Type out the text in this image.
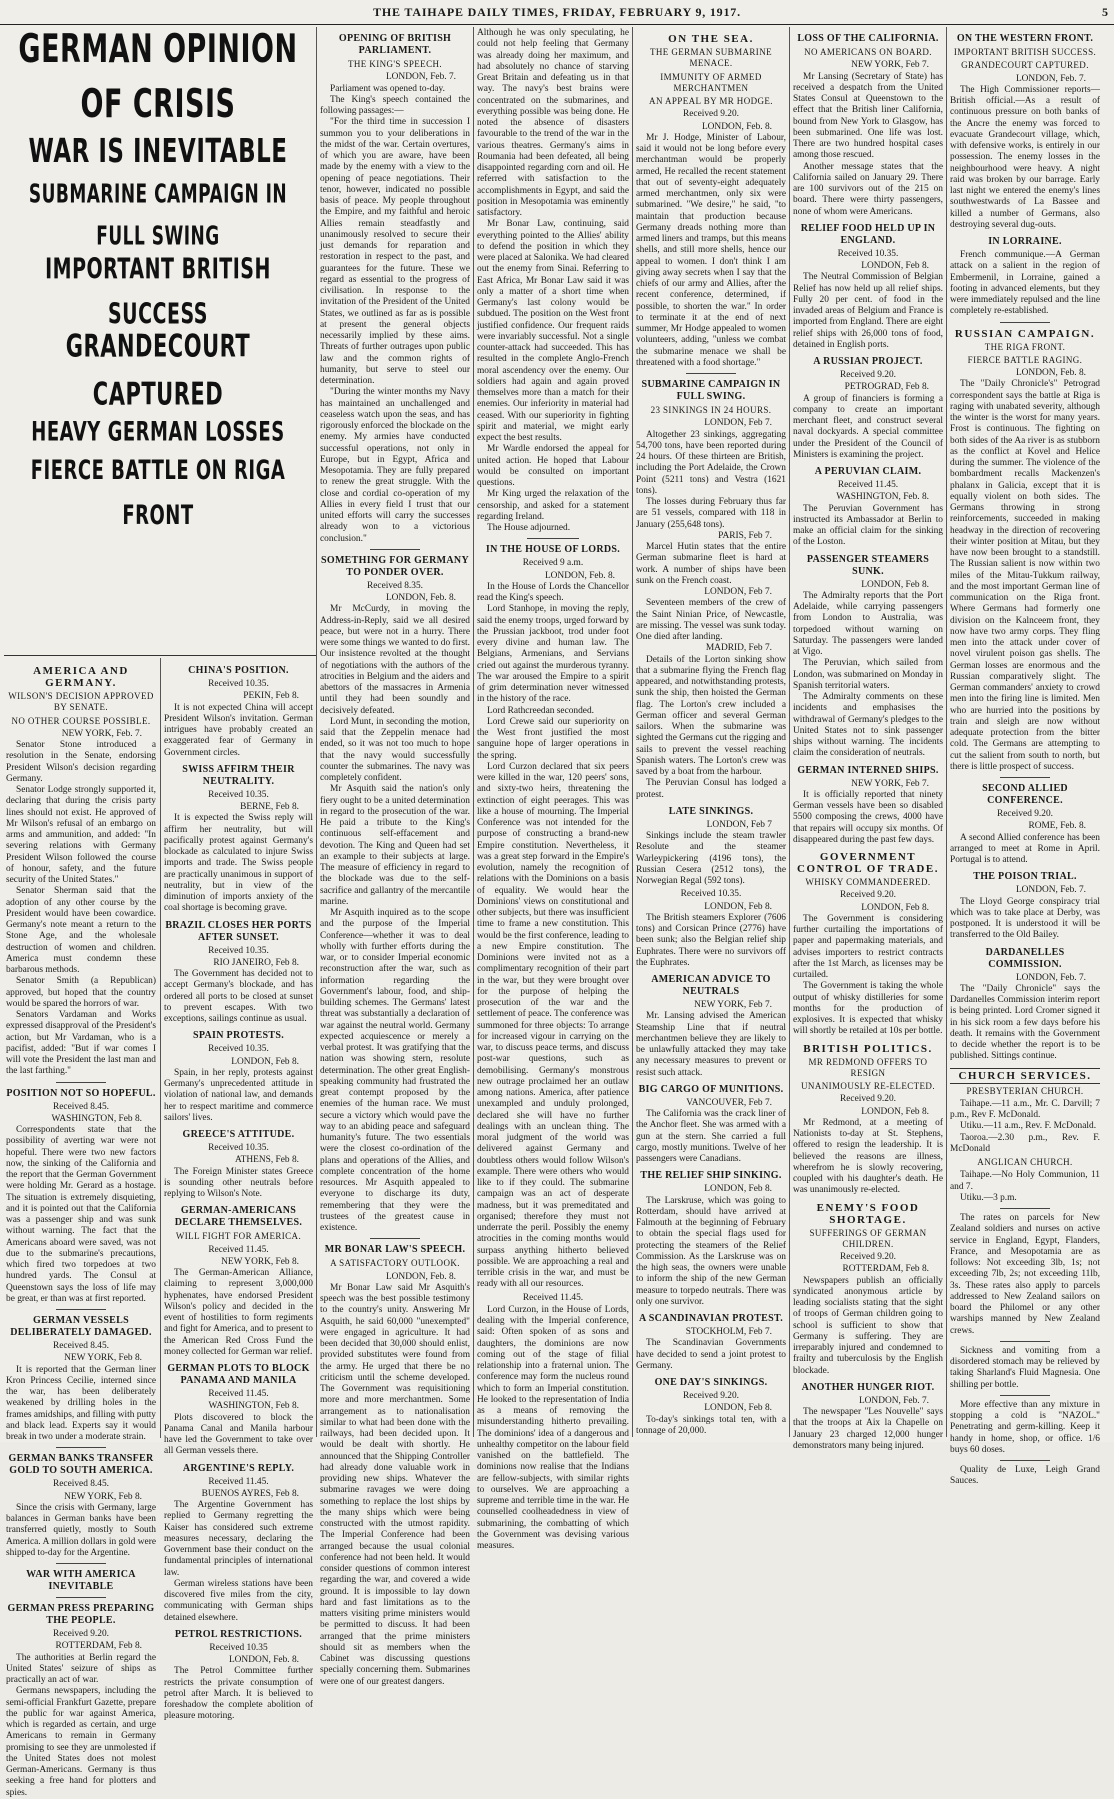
THE TAIHAPE DAILY TIMES, FRIDAY, FEBRUARY 9, 1917.	5

GERMAN OPINION OF CRISIS

WAR IS INEVITABLE

SUBMARINE CAMPAIGN IN FULL SWING

IMPORTANT BRITISH SUCCESS

GRANDECOURT CAPTURED

HEAVY GERMAN LOSSES

FIERCE BATTLE ON RIGA FRONT

AMERICA AND GERMANY.
WILSON'S DECISION APPROVED BY SENATE.
NO OTHER COURSE POSSIBLE.
NEW YORK, Feb. 7.

Senator Stone introduced a resolution in the Senate, endorsing President Wilson's decision regarding Germany.

Senator Lodge strongly supported it, declaring that during the crisis party lines should not exist. He approved of Mr Wilson's refusal of an embargo on arms and ammunition, and added: "In severing relations with Germany President Wilson followed the course of honour, safety, and the future security of the United States."

Senator Sherman said that the adoption of any other course by the President would have been cowardice. Germany's note meant a return to the Stone Age, and the wholesale destruction of women and children. America must condemn these barbarous methods.

Senator Smith (a Republican) approved, but hoped that the country would be spared the horrors of war.

Senators Vardaman and Works expressed disapproval of the President's action, but Mr Vardaman, who is a pacifist, added: "But if war comes I will vote the President the last man and the last farthing."

POSITION NOT SO HOPEFUL.
Received 8.45.
WASHINGTON, Feb 8.

Correspondents state that the possibility of averting war were not hopeful. There were two new factors now, the sinking of the California and the report that the German Government were holding Mr. Gerard as a hostage. The situation is extremely disquieting, and it is pointed out that the California was a passenger ship and was sunk without warning. The fact that the Americans aboard were saved, was not due to the submarine's precautions, which fired two torpedoes at two hundred yards. The Consul at Queenstown says the loss of life may be great, er than was at first reported.

GERMAN VESSELS DELIBERATELY DAMAGED.
Received 8.45.
NEW YORK, Feb 8.

It is reported that the German liner Kron Princess Cecilie, interned since the war, has been deliberately weakened by drilling holes in the frames amidships, and filling with putty and black lead. Experts say it would break in two under a moderate strain.

GERMAN BANKS TRANSFER GOLD TO SOUTH AMERICA.
Received 8.45.
NEW YORK, Feb 8.

Since the crisis with Germany, large balances in German banks have been transferred quietly, mostly to South America. A million dollars in gold were shipped to-day for the Argentine.

WAR WITH AMERICA INEVITABLE
GERMAN PRESS PREPARING THE PEOPLE.
Received 9.20.
ROTTERDAM, Feb 8.

The authorities at Berlin regard the United States' seizure of ships as practically an act of war.

Germans newspapers, including the semi-official Frankfurt Gazette, prepare the public for war against America, which is regarded as certain, and urge Americans to remain in Germany promising to see they are unmolested if the United States does not molest German-Americans. Germany is thus seeking a free hand for plotters and spies.

CHINA'S POSITION.
Received 10.35.
PEKIN, Feb 8.

It is not expected China will accept President Wilson's invitation. German intrigues have probably created an exaggerated fear of Germany in Government circles.

SWISS AFFIRM THEIR NEUTRALITY.
Received 10.35.
BERNE, Feb 8.

It is expected the Swiss reply will affirm her neutrality, but will pacifically protest against Germany's blockade as calculated to injure Swiss imports and trade. The Swiss people are practically unanimous in support of neutrality, but in view of the diminution of imports anxiety of the coal shortage is becoming grave.

BRAZIL CLOSES HER PORTS AFTER SUNSET.
Received 10.35.
RIO JANEIRO, Feb 8.

The Government has decided not to accept Germany's blockade, and has ordered all ports to be closed at sunset to prevent escapes. With two exceptions, sailings continue as usual.

SPAIN PROTESTS.
Received 10.35.
LONDON, Feb 8.

Spain, in her reply, protests against Germany's unprecedented attitude in violation of national law, and demands her to respect maritime and commerce sailors' lives.

GREECE'S ATTITUDE.
Received 10.35.
ATHENS, Feb 8.

The Foreign Minister states Greece is sounding other neutrals before replying to Wilson's Note.

GERMAN-AMERICANS DECLARE THEMSELVES.
WILL FIGHT FOR AMERICA.
Received 11.45.
NEW YORK, Feb 8.

The German-American Alliance, claiming to represent 3,000,000 hyphenates, have endorsed President Wilson's policy and decided in the event of hostilities to form regiments and fight for America, and to present to the American Red Cross Fund the money collected for German war relief.

GERMAN PLOTS TO BLOCK PANAMA AND MANILA
Received 11.45.
WASHINGTON, Feb 8.

Plots discovered to block the Panama Canal and Manila harbour have led the Government to take over all German vessels there.

ARGENTINE'S REPLY.
Received 11.45.
BUENOS AYRES, Feb 8.

The Argentine Government has replied to Germany regretting the Kaiser has considered such extreme measures necessary, declaring the Government base their conduct on the fundamental principles of international law.

German wireless stations have been discovered five miles from the city, communicating with German ships detained elsewhere.

PETROL RESTRICTIONS.
Received 10.35
LONDON, Feb. 8.

The Petrol Committee further restricts the private consumption of petrol after March. It is believed to foreshadow the complete abolition of pleasure motoring.

OPENING OF BRITISH PARLIAMENT.
THE KING'S SPEECH.
LONDON, Feb. 7.

Parliament was opened to-day.

The King's speech contained the following passages:—

"For the third time in succession I summon you to your deliberations in the midst of the war. Certain overtures, of which you are aware, have been made by the enemy with a view to the opening of peace negotiations. Their tenor, however, indicated no possible basis of peace. My people throughout the Empire, and my faithful and heroic Allies remain steadfastly and unanimously resolved to secure their just demands for reparation and restoration in respect to the past, and guarantees for the future. These we regard as essential to the progress of civilisation. In response to the invitation of the President of the United States, we outlined as far as is possible at present the general objects necessarily implied by these aims. Threats of further outrages upon public law and the common rights of humanity, but serve to steel our determination.

"During the winter months my Navy has maintained an unchallenged and ceaseless watch upon the seas, and has rigorously enforced the blockade on the enemy. My armies have conducted successful operations, not only in Europe, but in Egypt, Africa and Mesopotamia. They are fully prepared to renew the great struggle. With the close and cordial co-operation of my Allies in every field I trust that our united efforts will carry the successes already won to a victorious conclusion."

SOMETHING FOR GERMANY TO PONDER OVER.
Received 8.35.
LONDON, Feb. 8.

Mr McCurdy, in moving the Address-in-Reply, said we all desired peace, but were not in a hurry. There were some things we wanted to do first. Our insistence revolted at the thought of negotiations with the authors of the atrocities in Belgium and the aiders and abettors of the massacres in Armenia until they had been soundly and decisively defeated.

Lord Munt, in seconding the motion, said that the Zeppelin menace had ended, so it was not too much to hope that the navy would successfully counter the submarines. The navy was completely confident.

Mr Asquith said the nation's only fiery ought to be a united determination in regard to the prosecution of the war. He paid a tribute to the King's continuous self-effacement and devotion. The King and Queen had set an example to their subjects at large. The measure of efficiency in regard to the blockade was due to the self-sacrifice and gallantry of the mercantile marine.

Mr Asquith inquired as to the scope and the purpose of the Imperial Conference—whether it was to deal wholly with further efforts during the war, or to consider Imperial economic reconstruction after the war, such as information regarding the Government's labour, food, and ship-building schemes. The Germans' latest threat was substantially a declaration of war against the neutral world. Germany expected acquiescence or merely a verbal protest. It was gratifying that the nation was showing stern, resolute determination. The other great English-speaking community had frustrated the great contempt proposed by the enemies of the human race. We must secure a victory which would pave the way to an abiding peace and safeguard humanity's future. The two essentials were the closest co-ordination of the plans and operations of the Allies, and complete concentration of the home resources. Mr Asquith appealed to everyone to discharge its duty, remembering that they were the trustees of the greatest cause in existence.

MR BONAR LAW'S SPEECH.
A SATISFACTORY OUTLOOK.
LONDON, Feb. 8.

Mr Bonar Law said Mr Asquith's speech was the best possible testimony to the country's unity. Answering Mr Asquith, he said 60,000 "unexempted" were engaged in agriculture. It had been decided that 30,000 should enlist, provided substitutes were found from the army. He urged that there be no criticism until the scheme developed. The Government was requisitioning more and more merchantmen. Some arrangement as to nationalisation similar to what had been done with the railways, had been decided upon. It would be dealt with shortly. He announced that the Shipping Controller had already done valuable work in providing new ships. Whatever the submarine ravages we were doing something to replace the lost ships by the many ships which were being constructed with the utmost rapidity. The Imperial Conference had been arranged because the usual colonial conference had not been held. It would consider questions of common interest regarding the war, and covered a wide ground. It is impossible to lay down hard and fast limitations as to the matters visiting prime ministers would be permitted to discuss. It had been arranged that the prime ministers should sit as members when the Cabinet was discussing questions specially concerning them. Submarines were one of our greatest dangers.

Although he was only speculating, he could not help feeling that Germany was already doing her maximum, and had absolutely no chance of starving Great Britain and defeating us in that way. The navy's best brains were concentrated on the submarines, and everything possible was being done. He noted the absence of disasters favourable to the trend of the war in the various theatres. Germany's aims in Roumania had been defeated, all being disappointed regarding corn and oil. He referred with satisfaction to the accomplishments in Egypt, and said the position in Mesopotamia was eminently satisfactory.

Mr Bonar Law, continuing, said everything pointed to the Allies' ability to defend the position in which they were placed at Salonika. We had cleared out the enemy from Sinai. Referring to East Africa, Mr Bonar Law said it was only a matter of a short time when Germany's last colony would be subdued. The position on the West front justified confidence. Our frequent raids were invariably successful. Not a single counter-attack had succeeded. This has resulted in the complete Anglo-French moral ascendency over the enemy. Our soldiers had again and again proved themselves more than a match for their enemies. Our inferiority in material had ceased. With our superiority in fighting spirit and material, we might early expect the best results.

Mr Wardle endorsed the appeal for united action. He hoped that Labour would be consulted on important questions.

Mr King urged the relaxation of the censorship, and asked for a statement regarding Ireland.

The House adjourned.

IN THE HOUSE OF LORDS.
Received 9 a.m.
LONDON, Feb. 8.

In the House of Lords the Chancellor read the King's speech.

Lord Stanhope, in moving the reply, said the enemy troops, urged forward by the Prussian jackboot, trod under foot every divine and human law. The Belgians, Armenians, and Servians cried out against the murderous tyranny. The war aroused the Empire to a spirit of grim determination never witnessed in the history of the race.

Lord Rathcreedan seconded.

Lord Crewe said our superiority on the West front justified the most sanguine hope of larger operations in the spring.

Lord Curzon declared that six peers were killed in the war, 120 peers' sons, and sixty-two heirs, threatening the extinction of eight peerages. This was like a house of mourning. The Imperial Conference was not intended for the purpose of constructing a brand-new Empire constitution. Nevertheless, it was a great step forward in the Empire's evolution, namely the recognition of relations with the Dominions on a basis of equality. We would hear the Dominions' views on constitutional and other subjects, but there was insufficient time to frame a new constitution. This would be the first conference, leading to a new Empire constitution. The Dominions were invited not as a complimentary recognition of their part in the war, but they were brought over for the purpose of helping the prosecution of the war and the settlement of peace. The conference was summoned for three objects: To arrange for increased vigour in carrying on the war, to discuss peace terms, and discuss post-war questions, such as demobilising. Germany's monstrous new outrage proclaimed her an outlaw among nations. America, after patience unexampled and unduly prolonged, declared she will have no further dealings with an unclean thing. The moral judgment of the world was delivered against Germany and doubtless others would follow Wilson's example. There were others who would like to if they could. The submarine campaign was an act of desperate madness, but it was premeditated and organised; therefore they must not underrate the peril. Possibly the enemy atrocities in the coming months would surpass anything hitherto believed possible. We are approaching a real and terrible crisis in the war, and must be ready with all our resources.

Received 11.45.

Lord Curzon, in the House of Lords, dealing with the Imperial conference, said: Often spoken of as sons and daughters, the dominions are now coming out of the stage of filial relationship into a fraternal union. The conference may form the nucleus round which to form an Imperial constitution. He looked to the representation of India as a means of removing the misunderstanding hitherto prevailing. The dominions' idea of a dangerous and unhealthy competitor on the labour field vanished on the battlefield. The dominions now realise that the Indians are fellow-subjects, with similar rights to ourselves. We are approaching a supreme and terrible time in the war. He counselled coolheadedness in view of submarining, the combatting of which the Government was devising various measures.

ON THE SEA.
THE GERMAN SUBMARINE MENACE.
IMMUNITY OF ARMED MERCHANTMEN
AN APPEAL BY MR HODGE.
Received 9.20.
LONDON, Feb. 8.

Mr J. Hodge, Minister of Labour, said it would not be long before every merchantman would be properly armed, He recalled the recent statement that out of seventy-eight adequately armed merchantmen, only six were submarined. "We desire," he said, "to maintain that production because Germany dreads nothing more than armed liners and tramps, but this means shells, and still more shells, hence our appeal to women. I don't think I am giving away secrets when I say that the chiefs of our army and Allies, after the recent conference, determined, if possible, to shorten the war." In order to terminate it at the end of next summer, Mr Hodge appealed to women volunteers, adding, "unless we combat the submarine menace we shall be threatened with a food shortage."

SUBMARINE CAMPAIGN IN FULL SWING.
23 SINKINGS IN 24 HOURS.
LONDON, Feb 7.

Altogether 23 sinkings, aggregating 54,700 tons, have been reported during 24 hours. Of these thirteen are British, including the Port Adelaide, the Crown Point (5211 tons) and Vestra (1621 tons).

The losses during February thus far are 51 vessels, compared with 118 in January (255,648 tons).

PARIS, Feb 7.

Marcel Hutin states that the entire German submarine fleet is hard at work. A number of ships have been sunk on the French coast.

LONDON, Feb 7.

Seventeen members of the crew of the Saint Ninian Price, of Newcastle, are missing. The vessel was sunk today. One died after landing.

MADRID, Feb 7.

Details of the Lorton sinking show that a submarine flying the French flag appeared, and notwithstanding protests, sunk the ship, then hoisted the German flag. The Lorton's crew included a German officer and several German sailors. When the submarine was sighted the Germans cut the rigging and sails to prevent the vessel reaching Spanish waters. The Lorton's crew was saved by a boat from the harbour.

The Peruvian Consul has lodged a protest.

LATE SINKINGS.
LONDON, Feb 7

Sinkings include the steam trawler Resolute and the steamer Warleypickering (4196 tons), the Russian Cesera (2512 tons), the Norwegian Regal (592 tons).

Received 10.35.
LONDON, Feb 8.

The British steamers Explorer (7606 tons) and Corsican Prince (2776) have been sunk; also the Belgian relief ship Euphrates. There were no survivors off the Euphrates.

AMERICAN ADVICE TO NEUTRALS
NEW YORK, Feb 7.

Mr. Lansing advised the American Steamship Line that if neutral merchantmen believe they are likely to be unlawfully attacked they may take any necessary measures to prevent or resist such attack.

BIG CARGO OF MUNITIONS.
VANCOUVER, Feb 7.

The California was the crack liner of the Anchor fleet. She was armed with a gun at the stern. She carried a full cargo, mostly munitions. Twelve of her passengers were Canadians.

THE RELIEF SHIP SINKING.
LONDON, Feb 8.

The Larskruse, which was going to Rotterdam, should have arrived at Falmouth at the beginning of February to obtain the special flags used for protecting the steamers of the Relief Commission. As the Larskruse was on the high seas, the owners were unable to inform the ship of the new German measure to torpedo neutrals. There was only one survivor.

A SCANDINAVIAN PROTEST.
STOCKHOLM, Feb 7.

The Scandinavian Governments have decided to send a joint protest to Germany.

ONE DAY'S SINKINGS.
Received 9.20.
LONDON, Feb 8.

To-day's sinkings total ten, with a tonnage of 20,000.

LOSS OF THE CALIFORNIA.
NO AMERICANS ON BOARD.
NEW YORK, Feb 7.

Mr Lansing (Secretary of State) has received a despatch from the United States Consul at Queenstown to the effect that the British liner California, bound from New York to Glasgow, has been submarined. One life was lost. There are two hundred hospital cases among those rescued.

Another message states that the California sailed on January 29. There are 100 survivors out of the 215 on board. There were thirty passengers, none of whom were Americans.

RELIEF FOOD HELD UP IN ENGLAND.
Received 10.35.
LONDON, Feb 8.

The Neutral Commission of Belgian Relief has now held up all relief ships. Fully 20 per cent. of food in the invaded areas of Belgium and France is imported from England. There are eight relief ships with 26,000 tons of food, detained in English ports.

A RUSSIAN PROJECT.
Received 9.20.
PETROGRAD, Feb 8.

A group of financiers is forming a company to create an important merchant fleet, and construct several naval dockyards. A special committee under the President of the Council of Ministers is examining the project.

A PERUVIAN CLAIM.
Received 11.45.
WASHINGTON, Feb. 8.

The Peruvian Government has instructed its Ambassador at Berlin to make an official claim for the sinking of the Loston.

PASSENGER STEAMERS SUNK.
LONDON, Feb 8.

The Admiralty reports that the Port Adelaide, while carrying passengers from London to Australia, was torpedoed without warning on Saturday. The passengers were landed at Vigo.

The Peruvian, which sailed from London, was submarined on Monday in Spanish territorial waters.

The Admiralty comments on these incidents and emphasises the withdrawal of Germany's pledges to the United States not to sink passenger ships without warning. The incidents claim the consideration of neutrals.

GERMAN INTERNED SHIPS.
NEW YORK, Feb 7.

It is officially reported that ninety German vessels have been so disabled 5500 composing the crews, 4000 have that repairs will occupy six months. Of disappeared during the past few days.

GOVERNMENT CONTROL OF TRADE.
WHISKY COMMANDEERED.
Received 9.20.
LONDON, Feb 8.

The Government is considering further curtailing the importations of paper and papermaking materials, and advises importers to restrict contracts after the 1st March, as licenses may be curtailed.

The Government is taking the whole output of whisky distilleries for some months for the production of explosives. It is expected that whisky will shortly be retailed at 10s per bottle.

BRITISH POLITICS.
MR REDMOND OFFERS TO RESIGN
UNANIMOUSLY RE-ELECTED.
Received 9.20.
LONDON, Feb 8.

Mr Redmond, at a meeting of Nationists to-day at St. Stephens, offered to resign the leadership. It is believed the reasons are illness, wherefrom he is slowly recovering, coupled with his daughter's death. He was unanimously re-elected.

ENEMY'S FOOD SHORTAGE.
SUFFERINGS OF GERMAN CHILDREN.
Received 9.20.
ROTTERDAM, Feb 8.

Newspapers publish an officially syndicated anonymous article by leading socialists stating that the sight of troops of German children going to school is sufficient to show that Germany is suffering. They are irreparably injured and condemned to frailty and tuberculosis by the English blockade.

ANOTHER HUNGER RIOT.
LONDON, Feb. 7.

The newspaper "Les Nouvelle" says that the troops at Aix la Chapelle on January 23 charged 12,000 hunger demonstrators many being injured.

ON THE WESTERN FRONT.
IMPORTANT BRITISH SUCCESS.
GRANDECOURT CAPTURED.
LONDON, Feb. 7.

The High Commissioner reports—British official.—As a result of continuous pressure on both banks of the Ancre the enemy was forced to evacuate Grandecourt village, which, with defensive works, is entirely in our possession. The enemy losses in the neighbourhood were heavy. A night raid was broken by our barrage. Early last night we entered the enemy's lines southwestwards of La Bassee and killed a number of Germans, also destroying several dug-outs.

IN LORRAINE.

French communique.—A German attack on a salient in the region of Embermenil, in Lorraine, gained a footing in advanced elements, but they were immediately repulsed and the line completely re-established.

RUSSIAN CAMPAIGN.
THE RIGA FRONT.
FIERCE BATTLE RAGING.
LONDON, Feb. 8.

The "Daily Chronicle's" Petrograd correspondent says the battle at Riga is raging with unabated severity, although the winter is the worst for many years. Frost is continuous. The fighting on both sides of the Aa river is as stubborn as the conflict at Kovel and Helice during the summer. The violence of the bombardment recalls Mackenzen's phalanx in Galicia, except that it is equally violent on both sides. The Germans throwing in strong reinforcements, succeeded in making headway in the direction of recovering their winter position at Mitau, but they have now been brought to a standstill. The Russian salient is now within two miles of the Mitau-Tukkum railway, and the most important German line of communication on the Riga front. Where Germans had formerly one division on the Kalnceem front, they now have two army corps. They fling men into the attack under cover of novel virulent poison gas shells. The German losses are enormous and the Russian comparatively slight. The German commanders' anxiety to crowd men into the firing line is limited. Men who are hurried into the positions by train and sleigh are now without adequate protection from the bitter cold. The Germans are attempting to cut the salient from south to north, but there is little prospect of success.

SECOND ALLIED CONFERENCE.
Received 9.20.
ROME, Feb. 8.

A second Allied conference has been arranged to meet at Rome in April. Portugal is to attend.

THE POISON TRIAL.
LONDON, Feb. 7.

The Lloyd George conspiracy trial which was to take place at Derby, was postponed. It is understood it will be transferred to the Old Bailey.

DARDANELLES COMMISSION.
LONDON, Feb. 7.

The "Daily Chronicle" says the Dardanelles Commission interim report is being printed. Lord Cromer signed it in his sick room a few days before his death. It remains with the Government to decide whether the report is to be published. Sittings continue.

CHURCH SERVICES.
PRESBYTERIAN CHURCH.

Taihape.—11 a.m., Mr. C. Darvill; 7 p.m., Rev F. McDonald.

Utiku.—11 a.m., Rev. F. McDonald.

Taoroa.—2.30 p.m., Rev. F. McDonald

ANGLICAN CHURCH.

Taihape.—No Holy Communion, 11 and 7.

Utiku.—3 p.m.

The rates on parcels for New Zealand soldiers and nurses on active service in England, Egypt, Flanders, France, and Mesopotamia are as follows: Not exceeding 3lb, 1s; not exceeding 7lb, 2s; not exceeding 11lb, 3s. These rates also apply to parcels addressed to New Zealand sailors on board the Philomel or any other warships manned by New Zealand crews.

Sickness and vomiting from a disordered stomach may be relieved by taking Sharland's Fluid Magnesia. One shilling per bottle.

More effective than any mixture in stopping a cold is "NAZOL." Penetrating and germ-killing. Keep it handy in home, shop, or office. 1/6 buys 60 doses.

Quality de Luxe, Leigh Grand Sauces.
